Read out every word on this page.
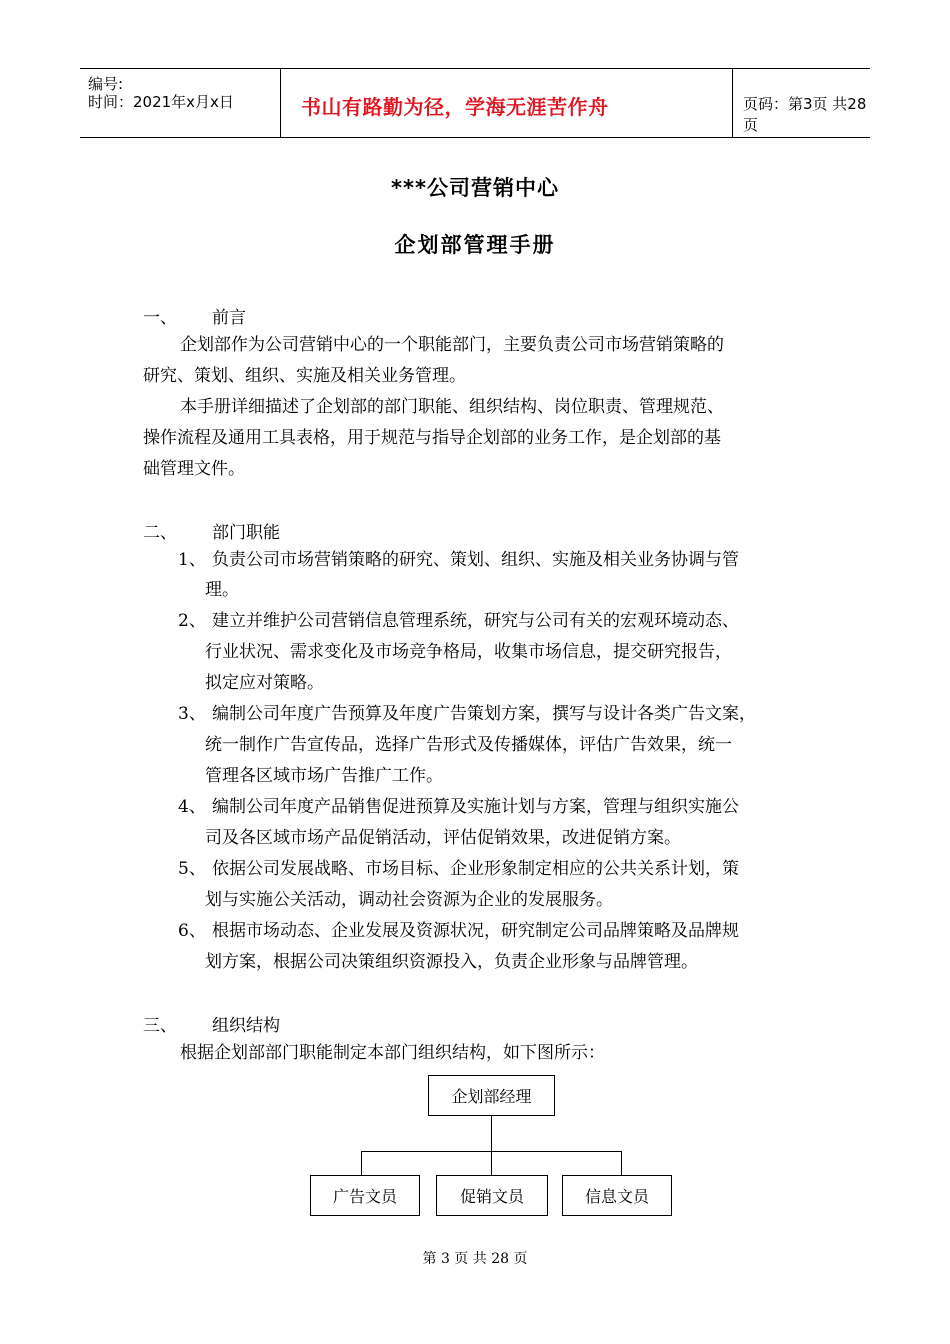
编号:
时间：2021年x月x日	书山有路勤为径，学海无涯苦作舟	页码：第3页 共28页
***公司营销中心
企划部管理手册
一、 前言
企划部作为公司营销中心的一个职能部门，主要负责公司市场营销策略的
研究、策划、组织、实施及相关业务管理。
本手册详细描述了企划部的部门职能、组织结构、岗位职责、管理规范、
操作流程及通用工具表格，用于规范与指导企划部的业务工作，是企划部的基
础管理文件。
二、 部门职能
1、 负责公司市场营销策略的研究、策划、组织、实施及相关业务协调与管
理。
2、 建立并维护公司营销信息管理系统，研究与公司有关的宏观环境动态、
行业状况、需求变化及市场竞争格局，收集市场信息，提交研究报告，
拟定应对策略。
3、 编制公司年度广告预算及年度广告策划方案，撰写与设计各类广告文案，
统一制作广告宣传品，选择广告形式及传播媒体，评估广告效果，统一
管理各区域市场广告推广工作。
4、 编制公司年度产品销售促进预算及实施计划与方案，管理与组织实施公
司及各区域市场产品促销活动，评估促销效果，改进促销方案。
5、 依据公司发展战略、市场目标、企业形象制定相应的公共关系计划，策
划与实施公关活动，调动社会资源为企业的发展服务。
6、 根据市场动态、企业发展及资源状况，研究制定公司品牌策略及品牌规
划方案，根据公司决策组织资源投入，负责企业形象与品牌管理。
三、 组织结构
根据企划部部门职能制定本部门组织结构，如下图所示：
企划部经理
广告文员	促销文员	信息文员
第 3 页 共 28 页
